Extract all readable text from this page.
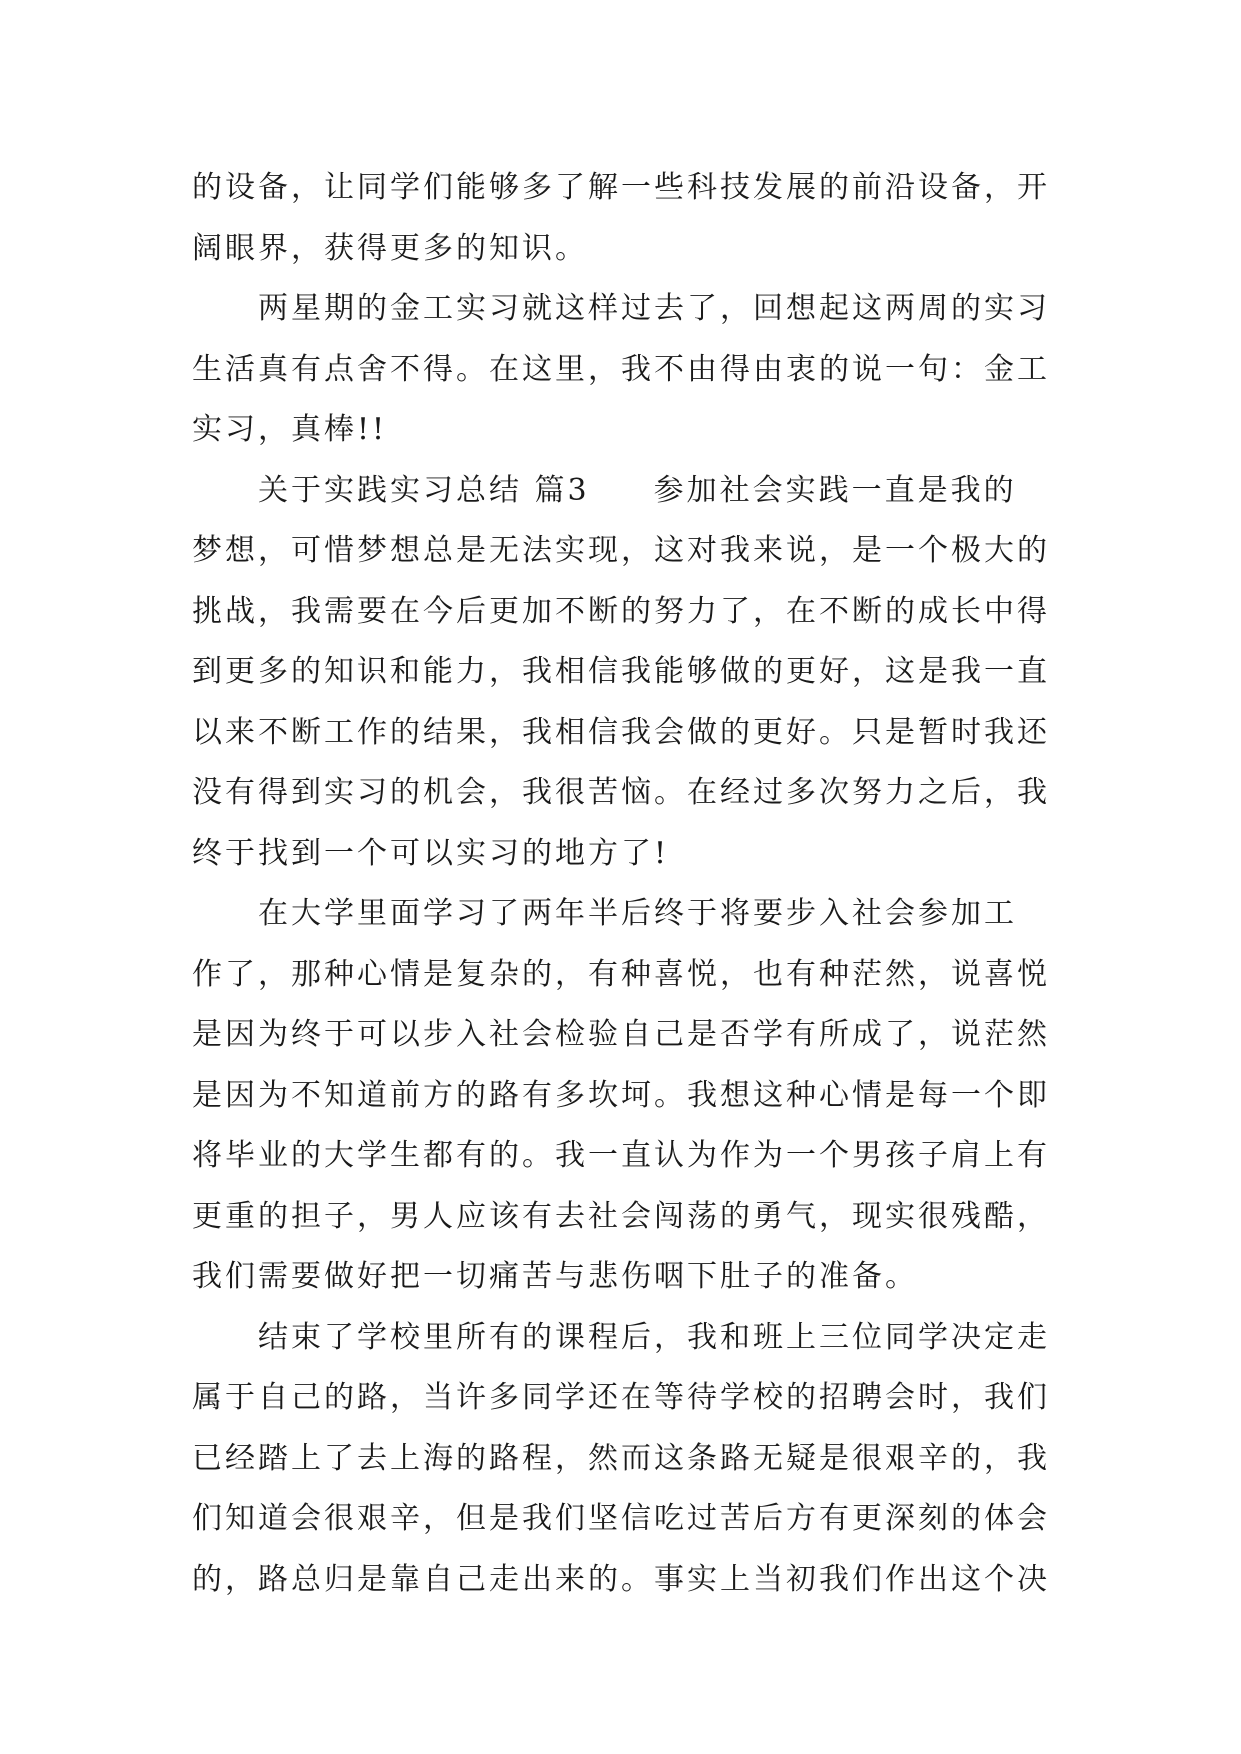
的设备，让同学们能够多了解一些科技发展的前沿设备，开
阔眼界，获得更多的知识。
　　两星期的金工实习就这样过去了，回想起这两周的实习
生活真有点舍不得。在这里，我不由得由衷的说一句：金工
实习，真棒!!
　　关于实践实习总结 篇3 参加社会实践一直是我的
梦想，可惜梦想总是无法实现，这对我来说，是一个极大的
挑战，我需要在今后更加不断的努力了，在不断的成长中得
到更多的知识和能力，我相信我能够做的更好，这是我一直
以来不断工作的结果，我相信我会做的更好。只是暂时我还
没有得到实习的机会，我很苦恼。在经过多次努力之后，我
终于找到一个可以实习的地方了!
　　在大学里面学习了两年半后终于将要步入社会参加工
作了，那种心情是复杂的，有种喜悦，也有种茫然，说喜悦
是因为终于可以步入社会检验自己是否学有所成了，说茫然
是因为不知道前方的路有多坎坷。我想这种心情是每一个即
将毕业的大学生都有的。我一直认为作为一个男孩子肩上有
更重的担子，男人应该有去社会闯荡的勇气，现实很残酷，
我们需要做好把一切痛苦与悲伤咽下肚子的准备。
　　结束了学校里所有的课程后，我和班上三位同学决定走
属于自己的路，当许多同学还在等待学校的招聘会时，我们
已经踏上了去上海的路程，然而这条路无疑是很艰辛的，我
们知道会很艰辛，但是我们坚信吃过苦后方有更深刻的体会
的，路总归是靠自己走出来的。事实上当初我们作出这个决
